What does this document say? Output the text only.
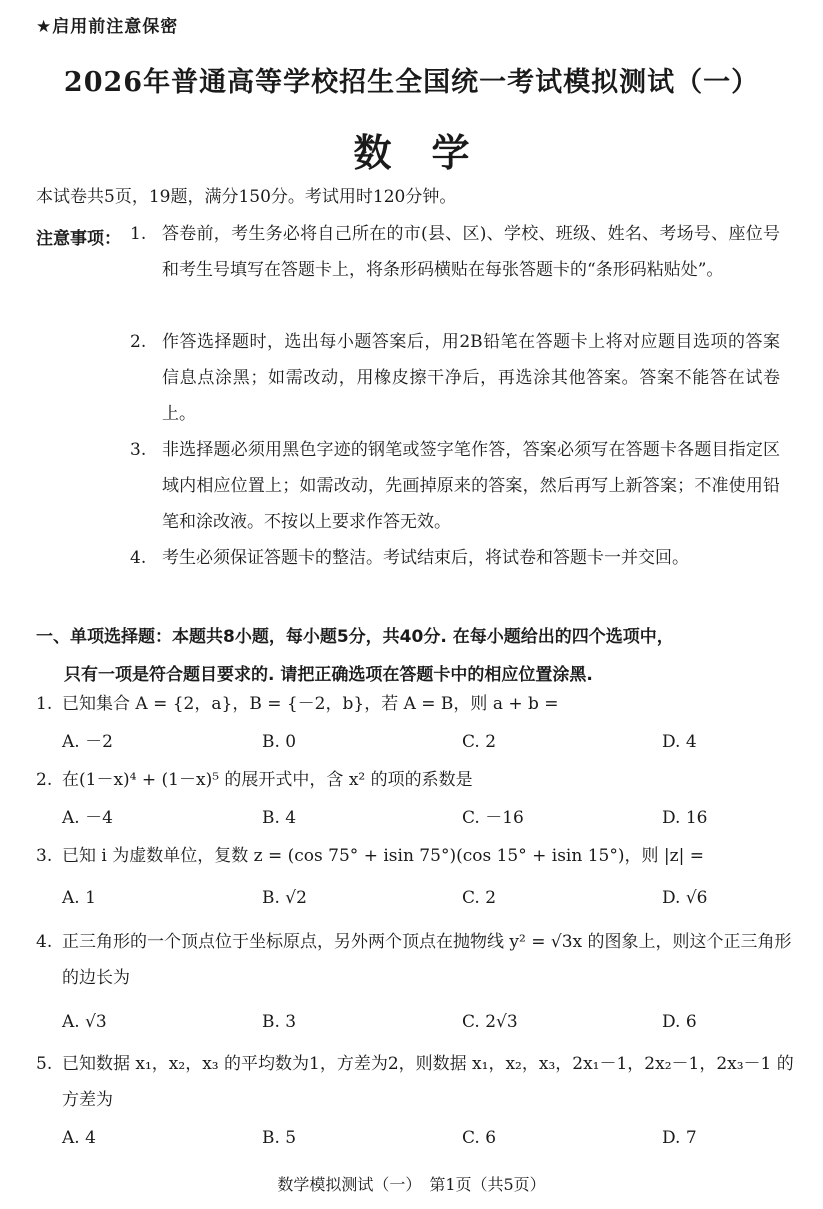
★启用前注意保密
2026年普通高等学校招生全国统一考试模拟测试（一）
数学
本试卷共5页，19题，满分150分。考试用时120分钟。
注意事项： 1. 答卷前，考生务必将自己所在的市(县、区)、学校、班级、姓名、考场号、座位号和考生号填写在答题卡上，将条形码横贴在每张答题卡的“条形码粘贴处”。
2. 作答选择题时，选出每小题答案后，用2B铅笔在答题卡上将对应题目选项的答案信息点涂黑；如需改动，用橡皮擦干净后，再选涂其他答案。答案不能答在试卷上。
3. 非选择题必须用黑色字迹的钢笔或签字笔作答，答案必须写在答题卡各题目指定区域内相应位置上；如需改动，先画掉原来的答案，然后再写上新答案；不准使用铅笔和涂改液。不按以上要求作答无效。
4. 考生必须保证答题卡的整洁。考试结束后，将试卷和答题卡一并交回。
一、单项选择题：本题共8小题，每小题5分，共40分. 在每小题给出的四个选项中，
只有一项是符合题目要求的. 请把正确选项在答题卡中的相应位置涂黑.
1. 已知集合 A = {2，a}，B = {－2，b}，若 A = B，则 a + b =
A. －2	B. 0	C. 2	D. 4
2. 在(1－x)⁴ + (1－x)⁵ 的展开式中，含 x² 的项的系数是
A. －4	B. 4	C. －16	D. 16
3. 已知 i 为虚数单位，复数 z = (cos 75° + isin 75°)(cos 15° + isin 15°)，则 |z| =
A. 1	B. √2	C. 2	D. √6
4. 正三角形的一个顶点位于坐标原点，另外两个顶点在抛物线 y² = √3x 的图象上，则这个正三角形的边长为
A. √3	B. 3	C. 2√3	D. 6
5. 已知数据 x₁，x₂，x₃ 的平均数为1，方差为2，则数据 x₁，x₂，x₃，2x₁－1，2x₂－1，2x₃－1 的方差为
A. 4	B. 5	C. 6	D. 7
数学模拟测试（一）　第1页（共5页）
